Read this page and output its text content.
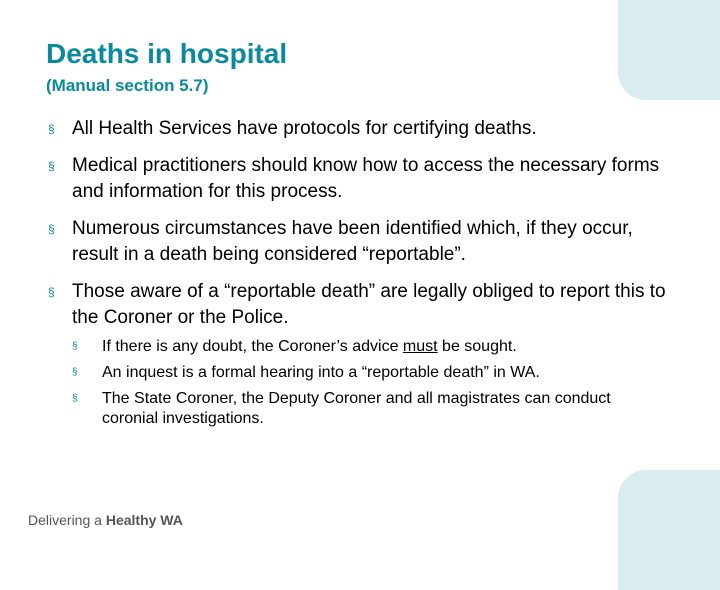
Deaths in hospital
(Manual section 5.7)
§ All Health Services have protocols for certifying deaths.
§ Medical practitioners should know how to access the necessary forms and information for this process.
§ Numerous circumstances have been identified which, if they occur, result in a death being considered “reportable”.
§ Those aware of a “reportable death” are legally obliged to report this to the Coroner or the Police.
§ If there is any doubt, the Coroner’s advice must be sought.
§ An inquest is a formal hearing into a “reportable death” in WA.
§ The State Coroner, the Deputy Coroner and all magistrates can conduct coronial investigations.
Delivering a Healthy WA
